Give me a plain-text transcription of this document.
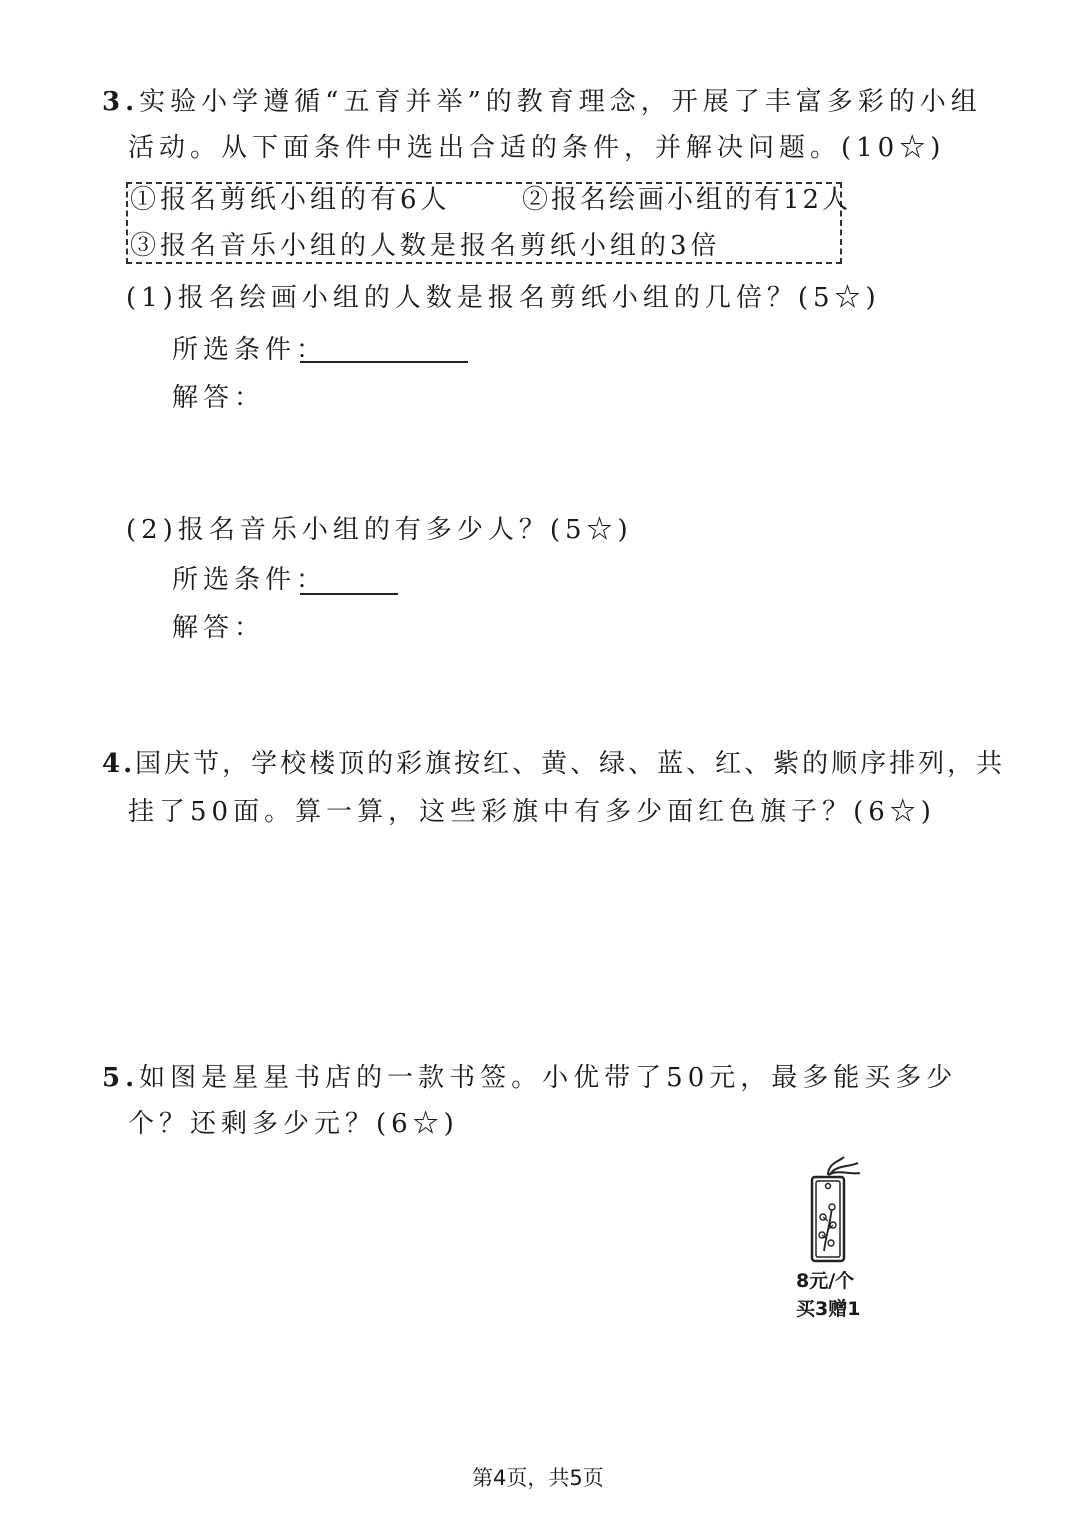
3.实验小学遵循“五育并举”的教育理念，开展了丰富多彩的小组
活动。从下面条件中选出合适的条件，并解决问题。(10☆)
①报名剪纸小组的有6人	②报名绘画小组的有12人
③报名音乐小组的人数是报名剪纸小组的3倍
(1)报名绘画小组的人数是报名剪纸小组的几倍？(5☆)
所选条件：
解答：
(2)报名音乐小组的有多少人？(5☆)
所选条件：
解答：
4.国庆节，学校楼顶的彩旗按红、黄、绿、蓝、红、紫的顺序排列，共
挂了50面。算一算，这些彩旗中有多少面红色旗子？(6☆)
5.如图是星星书店的一款书签。小优带了50元，最多能买多少
个？还剩多少元？(6☆)
8元/个
买3赠1
第4页，共5页
